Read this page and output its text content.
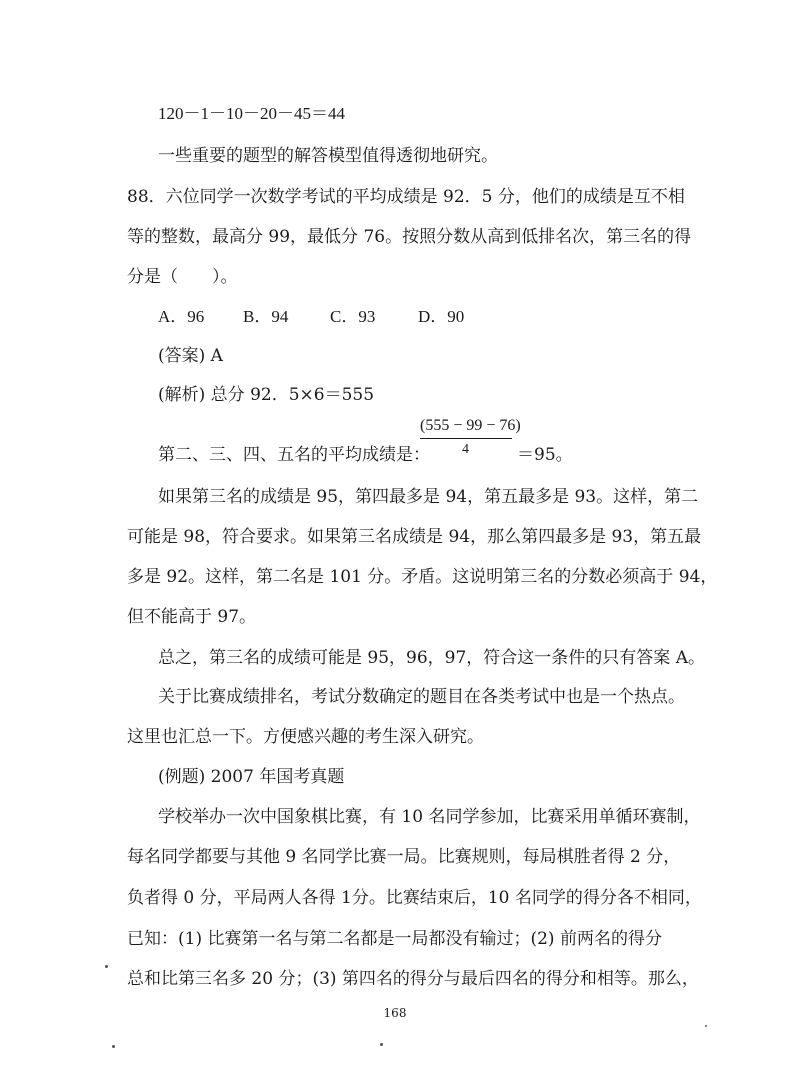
120－1－10－20－45＝44
一些重要的题型的解答模型值得透彻地研究。
88．六位同学一次数学考试的平均成绩是 92．5 分，他们的成绩是互不相
等的整数，最高分 99，最低分 76。按照分数从高到低排名次，第三名的得
分是（　　）。
A．96 B．94 C．93	D．90
(答案) A
(解析) 总分 92．5×6＝555
第二、三、四、五名的平均成绩是：
(555 − 99 − 76)
4	＝95。
如果第三名的成绩是 95，第四最多是 94，第五最多是 93。这样，第二
可能是 98，符合要求。如果第三名成绩是 94，那么第四最多是 93，第五最
多是 92。这样，第二名是 101 分。矛盾。这说明第三名的分数必须高于 94，
但不能高于 97。
总之，第三名的成绩可能是 95，96，97，符合这一条件的只有答案 A。
关于比赛成绩排名，考试分数确定的题目在各类考试中也是一个热点。
这里也汇总一下。方便感兴趣的考生深入研究。
(例题) 2007 年国考真题
学校举办一次中国象棋比赛，有 10 名同学参加，比赛采用单循环赛制，
每名同学都要与其他 9 名同学比赛一局。比赛规则，每局棋胜者得 2 分，
负者得 0 分，平局两人各得 1分。比赛结束后，10 名同学的得分各不相同，
已知：(1) 比赛第一名与第二名都是一局都没有输过；(2) 前两名的得分
总和比第三名多 20 分；(3) 第四名的得分与最后四名的得分和相等。那么，
168
